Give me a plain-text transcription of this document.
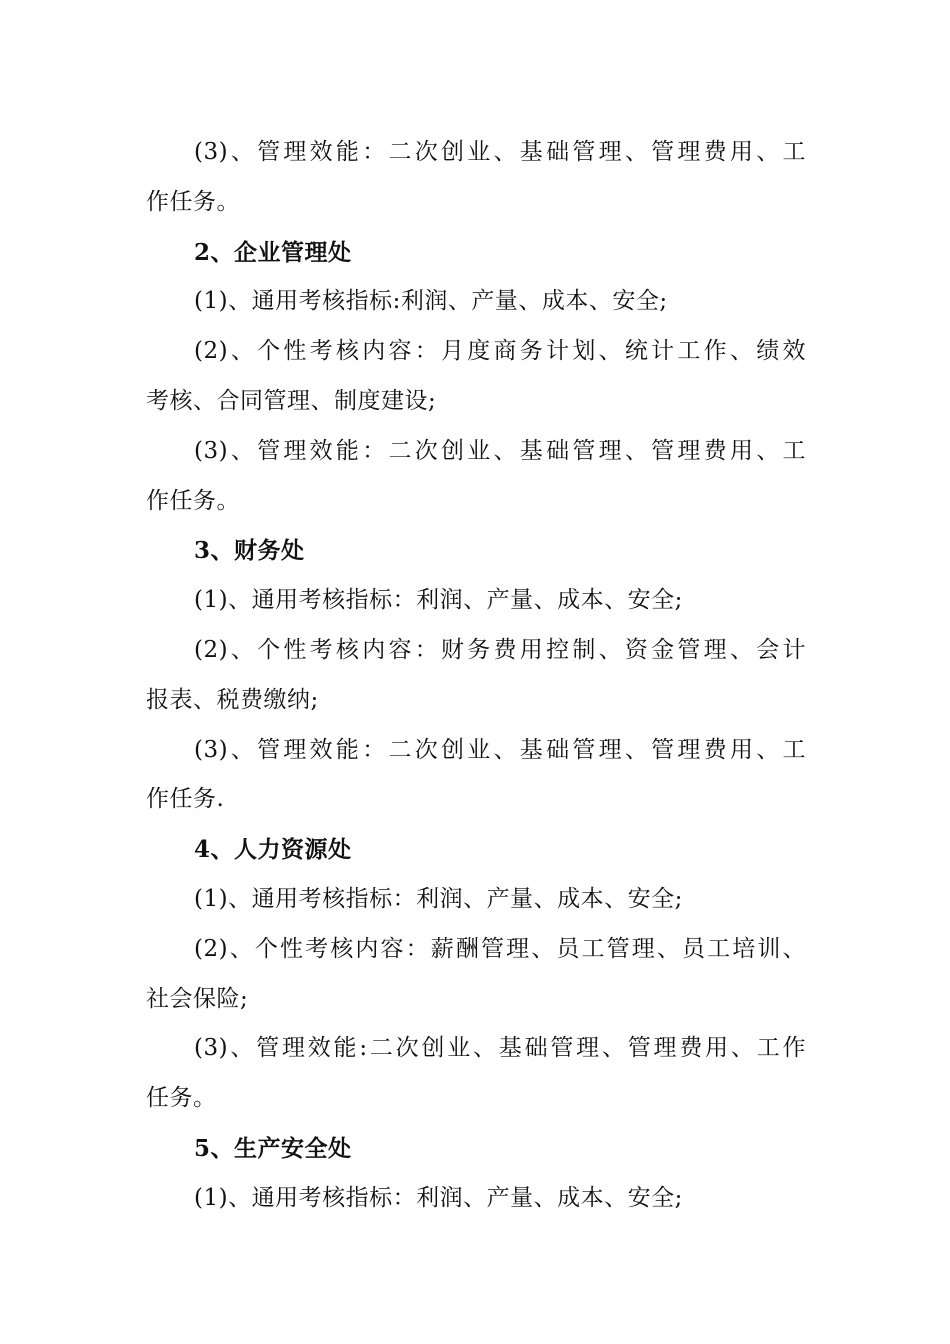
(3)、管理效能：二次创业、基础管理、管理费用、工
作任务。
2、企业管理处
(1)、通用考核指标:利润、产量、成本、安全;
(2)、个性考核内容：月度商务计划、统计工作、绩效
考核、合同管理、制度建设;
(3)、管理效能：二次创业、基础管理、管理费用、工
作任务。
3、财务处
(1)、通用考核指标：利润、产量、成本、安全;
(2)、个性考核内容：财务费用控制、资金管理、会计
报表、税费缴纳;
(3)、管理效能：二次创业、基础管理、管理费用、工
作任务.
4、人力资源处
(1)、通用考核指标：利润、产量、成本、安全;
(2)、个性考核内容：薪酬管理、员工管理、员工培训、
社会保险;
(3)、管理效能:二次创业、基础管理、管理费用、工作
任务。
5、生产安全处
(1)、通用考核指标：利润、产量、成本、安全;
